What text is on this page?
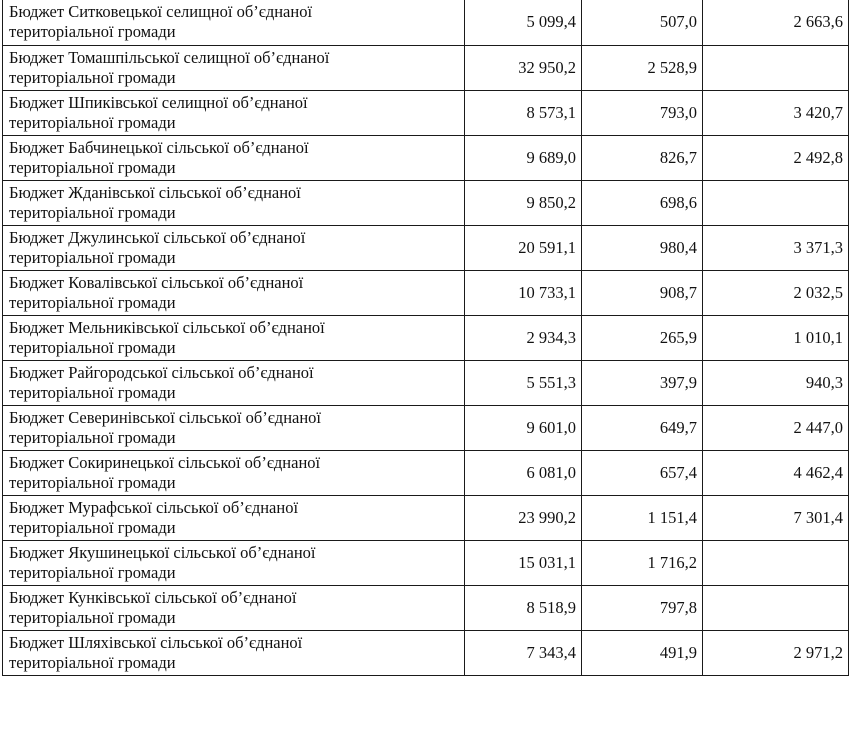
Бюджет Ситковецької селищної об’єднаної
територіальної громади	5 099,4	507,0	2 663,6

Бюджет Томашпільської селищної об’єднаної
територіальної громади	32 950,2	2 528,9	

Бюджет Шпиківської селищної об’єднаної
територіальної громади	8 573,1	793,0	3 420,7

Бюджет Бабчинецької сільської об’єднаної
територіальної громади	9 689,0	826,7	2 492,8

Бюджет Жданівської сільської об’єднаної
територіальної громади	9 850,2	698,6	

Бюджет Джулинської сільської об’єднаної
територіальної громади	20 591,1	980,4	3 371,3

Бюджет Ковалівської сільської об’єднаної
територіальної громади	10 733,1	908,7	2 032,5

Бюджет Мельниківської сільської об’єднаної
територіальної громади	2 934,3	265,9	1 010,1

Бюджет Райгородської сільської об’єднаної
територіальної громади	5 551,3	397,9	940,3

Бюджет Северинівської сільської об’єднаної
територіальної громади	9 601,0	649,7	2 447,0

Бюджет Сокиринецької сільської об’єднаної
територіальної громади	6 081,0	657,4	4 462,4

Бюджет Мурафської сільської об’єднаної
територіальної громади	23 990,2	1 151,4	7 301,4

Бюджет Якушинецької сільської об’єднаної
територіальної громади	15 031,1	1 716,2	

Бюджет Кунківської сільської об’єднаної
територіальної громади	8 518,9	797,8	

Бюджет Шляхівської сільської об’єднаної
територіальної громади	7 343,4	491,9	2 971,2
